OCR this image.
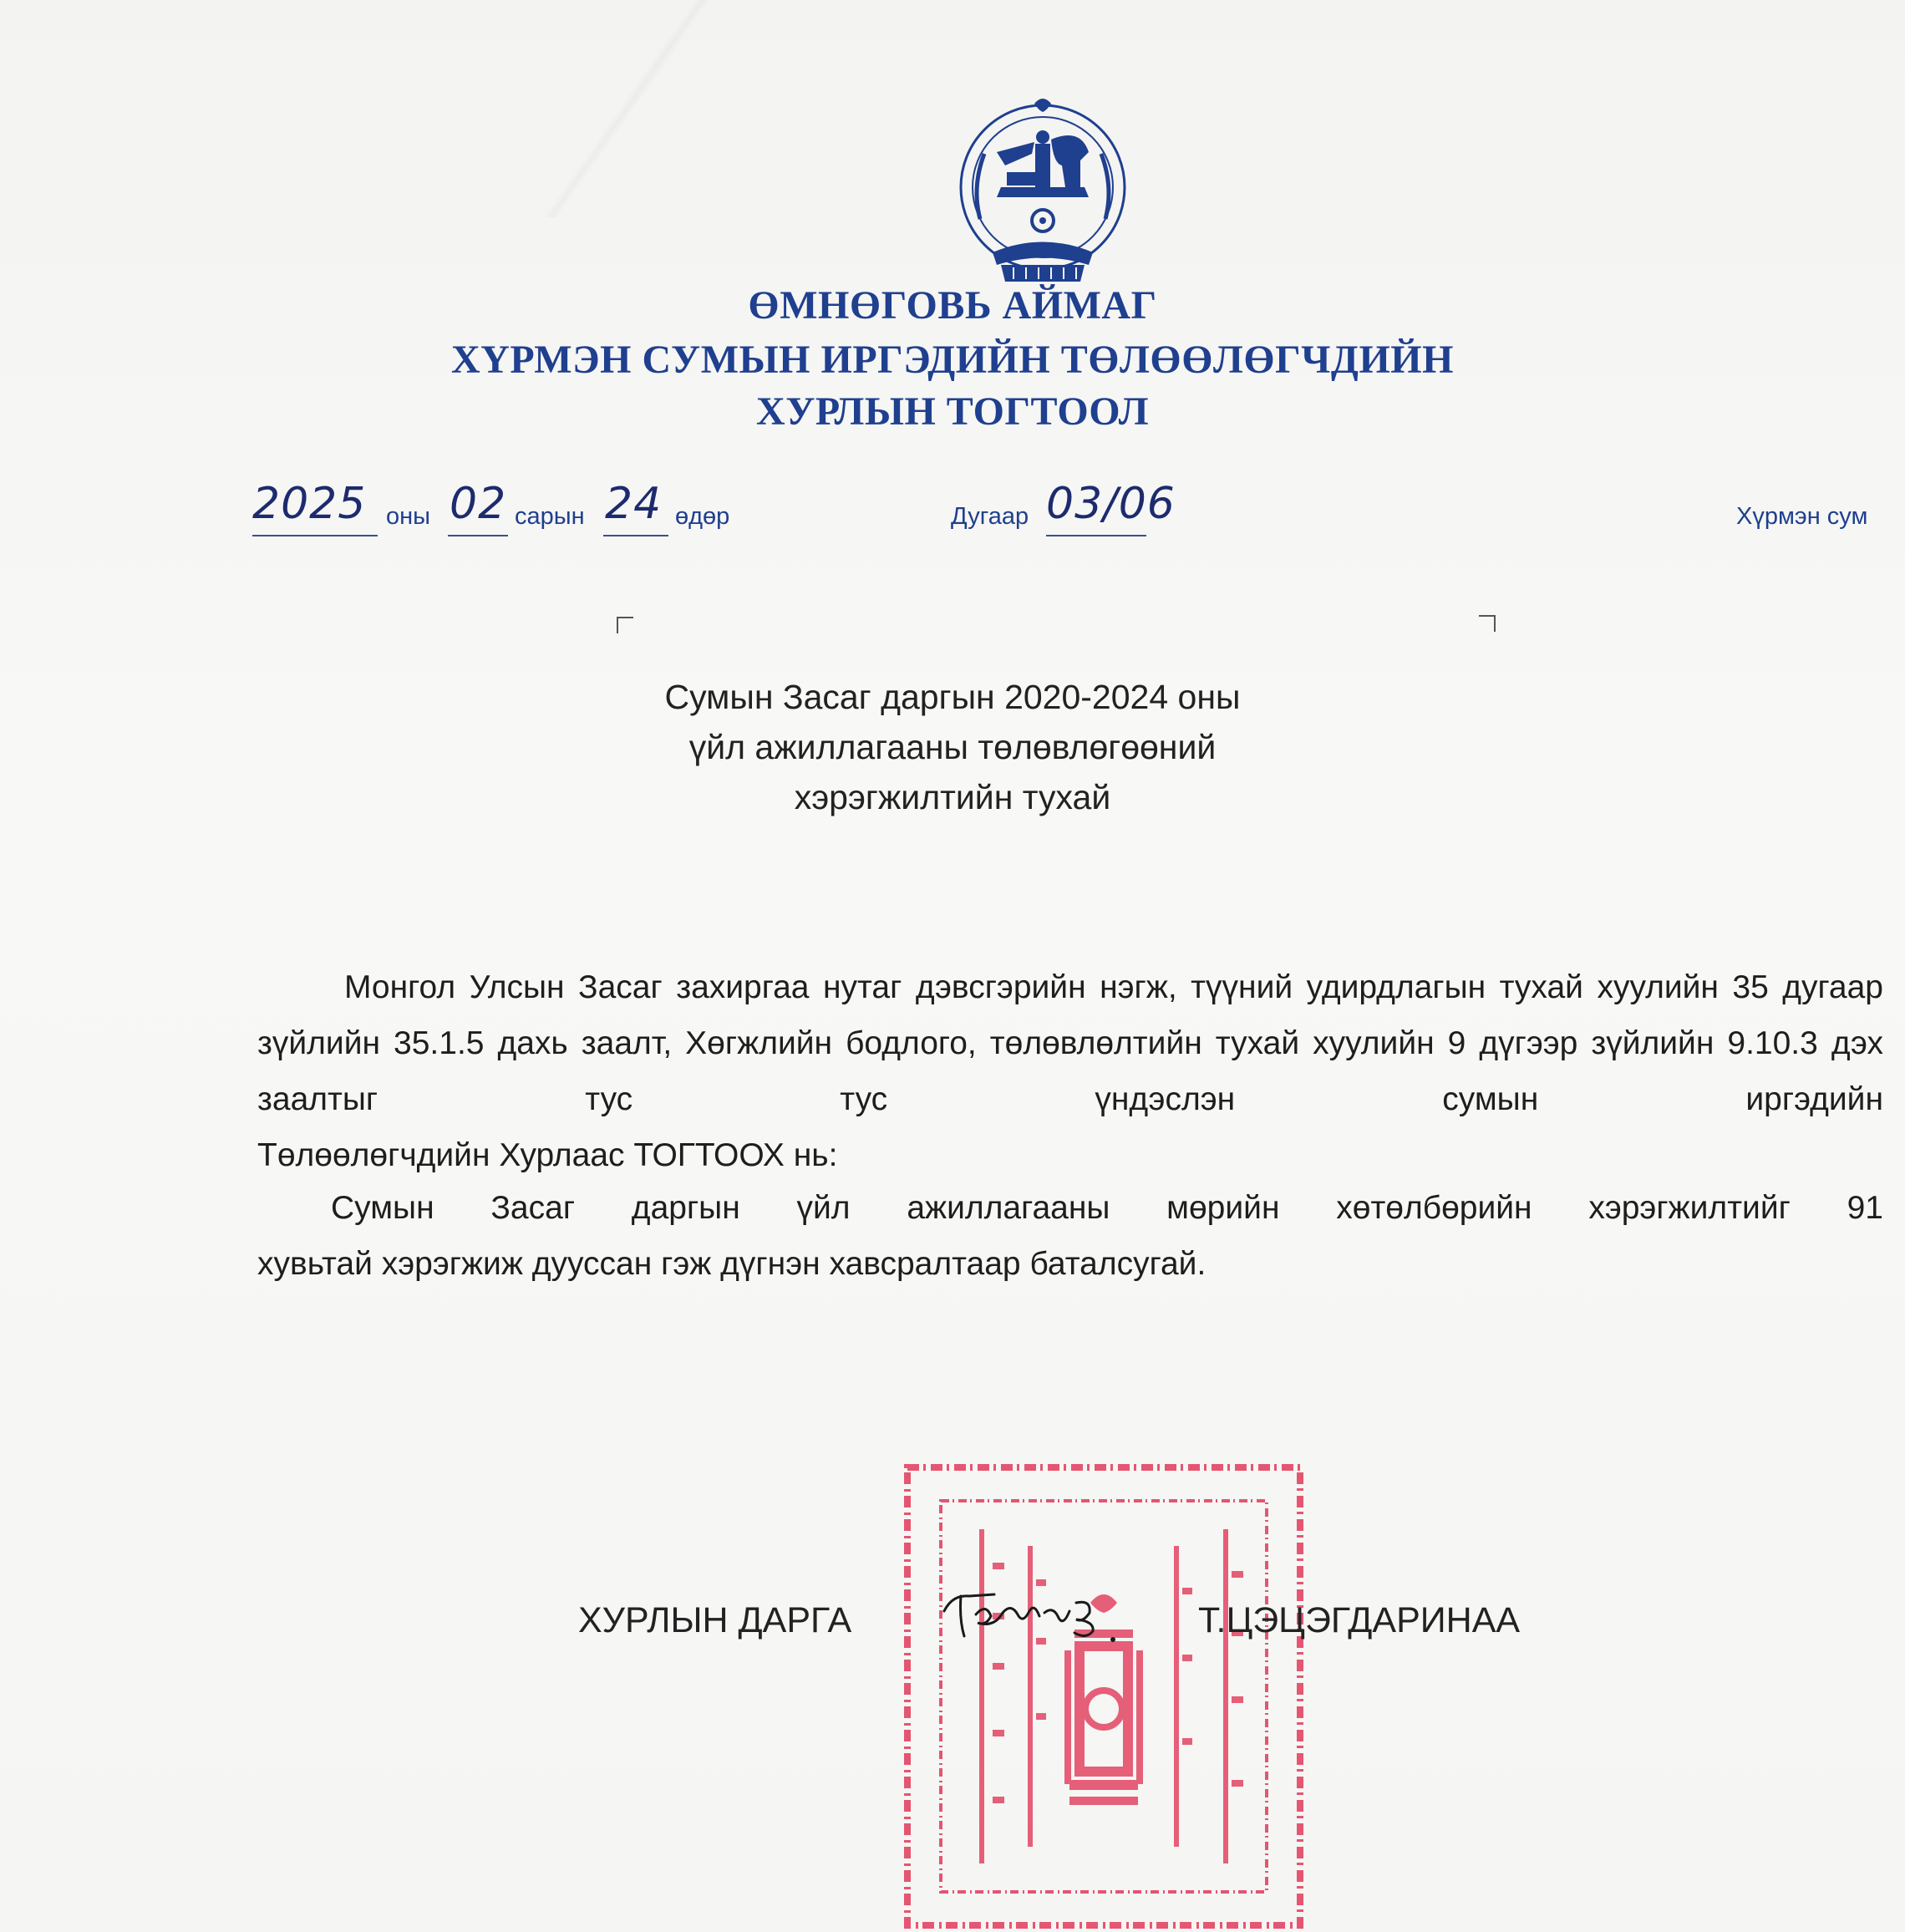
ӨМНӨГОВЬ АЙМАГ
ХҮРМЭН СУМЫН ИРГЭДИЙН ТӨЛӨӨЛӨГЧДИЙН
ХУРЛЫН ТОГТООЛ
2025 оны 02 сарын 24 өдөр	Дугаар 03/06	Хүрмэн сум
Сумын Засаг даргын 2020-2024 оны
үйл ажиллагааны төлөвлөгөөний
хэрэгжилтийн тухай
Монгол Улсын Засаг захиргаа нутаг дэвсгэрийн нэгж, түүний удирдлагын тухай хуулийн 35 дугаар зүйлийн 35.1.5 дахь заалт, Хөгжлийн бодлого, төлөвлөлтийн тухай хуулийн 9 дүгээр зүйлийн 9.10.3 дэх заалтыг тус тус үндэслэн сумын иргэдийн
Төлөөлөгчдийн Хурлаас ТОГТООХ нь:
Сумын Засаг даргын үйл ажиллагааны мөрийн хөтөлбөрийн хэрэгжилтийг 91
хувьтай хэрэгжиж дууссан гэж дүгнэн хавсралтаар баталсугай.
ХУРЛЫН ДАРГА	Т.ЦЭЦЭГДАРИНАА
